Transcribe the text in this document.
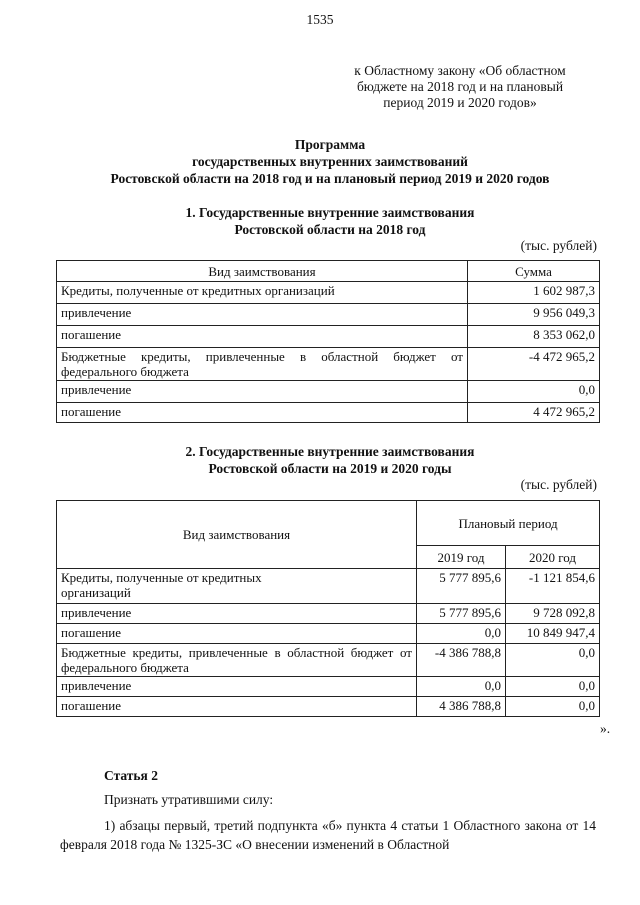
1535
к Областному закону «Об областном
бюджете на 2018 год и на плановый
период 2019 и 2020 годов»
Программа
государственных внутренних заимствований
Ростовской области на 2018 год и на плановый период 2019 и 2020 годов
1. Государственные внутренние заимствования
Ростовской области на 2018 год
(тыс. рублей)
Вид заимствования	Сумма
Кредиты, полученные от кредитных организаций	1 602 987,3
привлечение	9 956 049,3
погашение	8 353 062,0
Бюджетные кредиты, привлеченные в областной бюджет от федерального бюджета	-4 472 965,2
привлечение	0,0
погашение	4 472 965,2
2. Государственные внутренние заимствования
Ростовской области на 2019 и 2020 годы
(тыс. рублей)
Вид заимствования	Плановый период	
	2019 год	2020 год
Кредиты, полученные от кредитных организаций	5 777 895,6	-1 121 854,6
привлечение	5 777 895,6	9 728 092,8
погашение	0,0	10 849 947,4
Бюджетные кредиты, привлеченные в областной бюджет от федерального бюджета	-4 386 788,8	0,0
привлечение	0,0	0,0
погашение	4 386 788,8	0,0
».
Статья 2
Признать утратившими силу:
1) абзацы первый, третий подпункта «б» пункта 4 статьи 1 Областного закона от 14 февраля 2018 года № 1325-ЗС «О внесении изменений в Областной
